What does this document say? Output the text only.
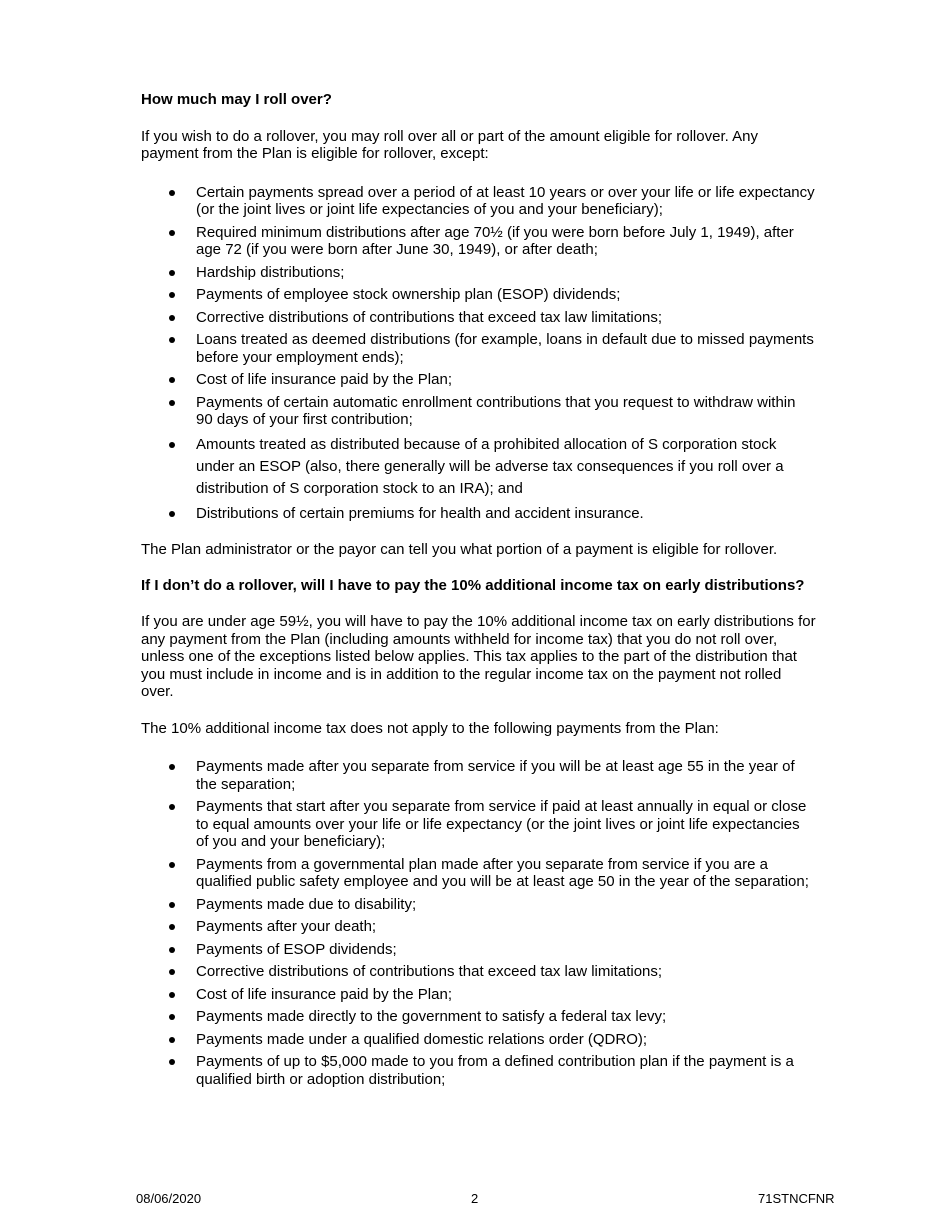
How much may I roll over?

If you wish to do a rollover, you may roll over all or part of the amount eligible for rollover. Any payment from the Plan is eligible for rollover, except:

Certain payments spread over a period of at least 10 years or over your life or life expectancy (or the joint lives or joint life expectancies of you and your beneficiary);
Required minimum distributions after age 70½ (if you were born before July 1, 1949), after age 72 (if you were born after June 30, 1949), or after death;
Hardship distributions;
Payments of employee stock ownership plan (ESOP) dividends;
Corrective distributions of contributions that exceed tax law limitations;
Loans treated as deemed distributions (for example, loans in default due to missed payments before your employment ends);
Cost of life insurance paid by the Plan;
Payments of certain automatic enrollment contributions that you request to withdraw within 90 days of your first contribution;
Amounts treated as distributed because of a prohibited allocation of S corporation stock under an ESOP (also, there generally will be adverse tax consequences if you roll over a distribution of S corporation stock to an IRA); and
Distributions of certain premiums for health and accident insurance.

The Plan administrator or the payor can tell you what portion of a payment is eligible for rollover.

If I don’t do a rollover, will I have to pay the 10% additional income tax on early distributions?

If you are under age 59½, you will have to pay the 10% additional income tax on early distributions for any payment from the Plan (including amounts withheld for income tax) that you do not roll over, unless one of the exceptions listed below applies. This tax applies to the part of the distribution that you must include in income and is in addition to the regular income tax on the payment not rolled over.

The 10% additional income tax does not apply to the following payments from the Plan:

Payments made after you separate from service if you will be at least age 55 in the year of the separation;
Payments that start after you separate from service if paid at least annually in equal or close to equal amounts over your life or life expectancy (or the joint lives or joint life expectancies of you and your beneficiary);
Payments from a governmental plan made after you separate from service if you are a qualified public safety employee and you will be at least age 50 in the year of the separation;
Payments made due to disability;
Payments after your death;
Payments of ESOP dividends;
Corrective distributions of contributions that exceed tax law limitations;
Cost of life insurance paid by the Plan;
Payments made directly to the government to satisfy a federal tax levy;
Payments made under a qualified domestic relations order (QDRO);
Payments of up to $5,000 made to you from a defined contribution plan if the payment is a qualified birth or adoption distribution;
08/06/2020	2	71STNCFNR
